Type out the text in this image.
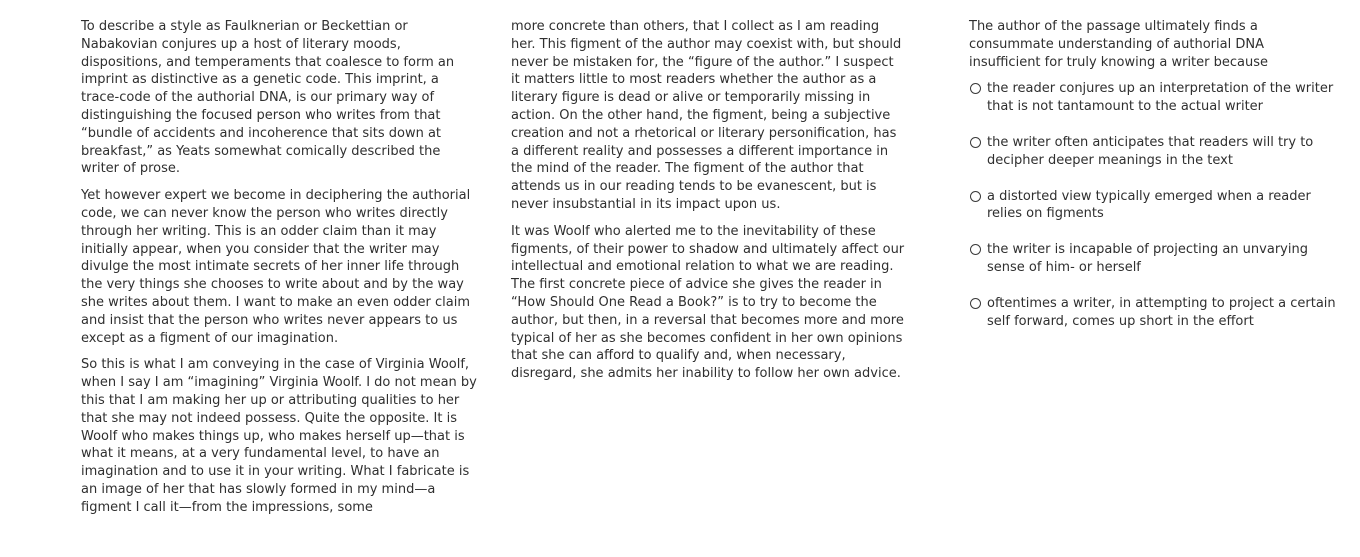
To describe a style as Faulknerian or Beckettian or Nabakovian conjures up a host of literary moods, dispositions, and temperaments that coalesce to form an imprint as distinctive as a genetic code. This imprint, a trace-code of the authorial DNA, is our primary way of distinguishing the focused person who writes from that “bundle of accidents and incoherence that sits down at breakfast,” as Yeats somewhat comically described the writer of prose.

Yet however expert we become in deciphering the authorial code, we can never know the person who writes directly through her writing. This is an odder claim than it may initially appear, when you consider that the writer may divulge the most intimate secrets of her inner life through the very things she chooses to write about and by the way she writes about them. I want to make an even odder claim and insist that the person who writes never appears to us except as a figment of our imagination.

So this is what I am conveying in the case of Virginia Woolf, when I say I am “imagining” Virginia Woolf. I do not mean by this that I am making her up or attributing qualities to her that she may not indeed possess. Quite the opposite. It is Woolf who makes things up, who makes herself up—that is what it means, at a very fundamental level, to have an imagination and to use it in your writing. What I fabricate is an image of her that has slowly formed in my mind—a figment I call it—from the impressions, some

more concrete than others, that I collect as I am reading her. This figment of the author may coexist with, but should never be mistaken for, the “figure of the author.” I suspect it matters little to most readers whether the author as a literary figure is dead or alive or temporarily missing in action. On the other hand, the figment, being a subjective creation and not a rhetorical or literary personification, has a different reality and possesses a different importance in the mind of the reader. The figment of the author that attends us in our reading tends to be evanescent, but is never insubstantial in its impact upon us.

It was Woolf who alerted me to the inevitability of these figments, of their power to shadow and ultimately affect our intellectual and emotional relation to what we are reading. The first concrete piece of advice she gives the reader in “How Should One Read a Book?” is to try to become the author, but then, in a reversal that becomes more and more typical of her as she becomes confident in her own opinions that she can afford to qualify and, when necessary, disregard, she admits her inability to follow her own advice.

The author of the passage ultimately finds a consummate understanding of authorial DNA insufficient for truly knowing a writer because

the reader conjures up an interpretation of the writer that is not tantamount to the actual writer
the writer often anticipates that readers will try to decipher deeper meanings in the text
a distorted view typically emerged when a reader relies on figments
the writer is incapable of projecting an unvarying sense of him- or herself
oftentimes a writer, in attempting to project a certain self forward, comes up short in the effort
